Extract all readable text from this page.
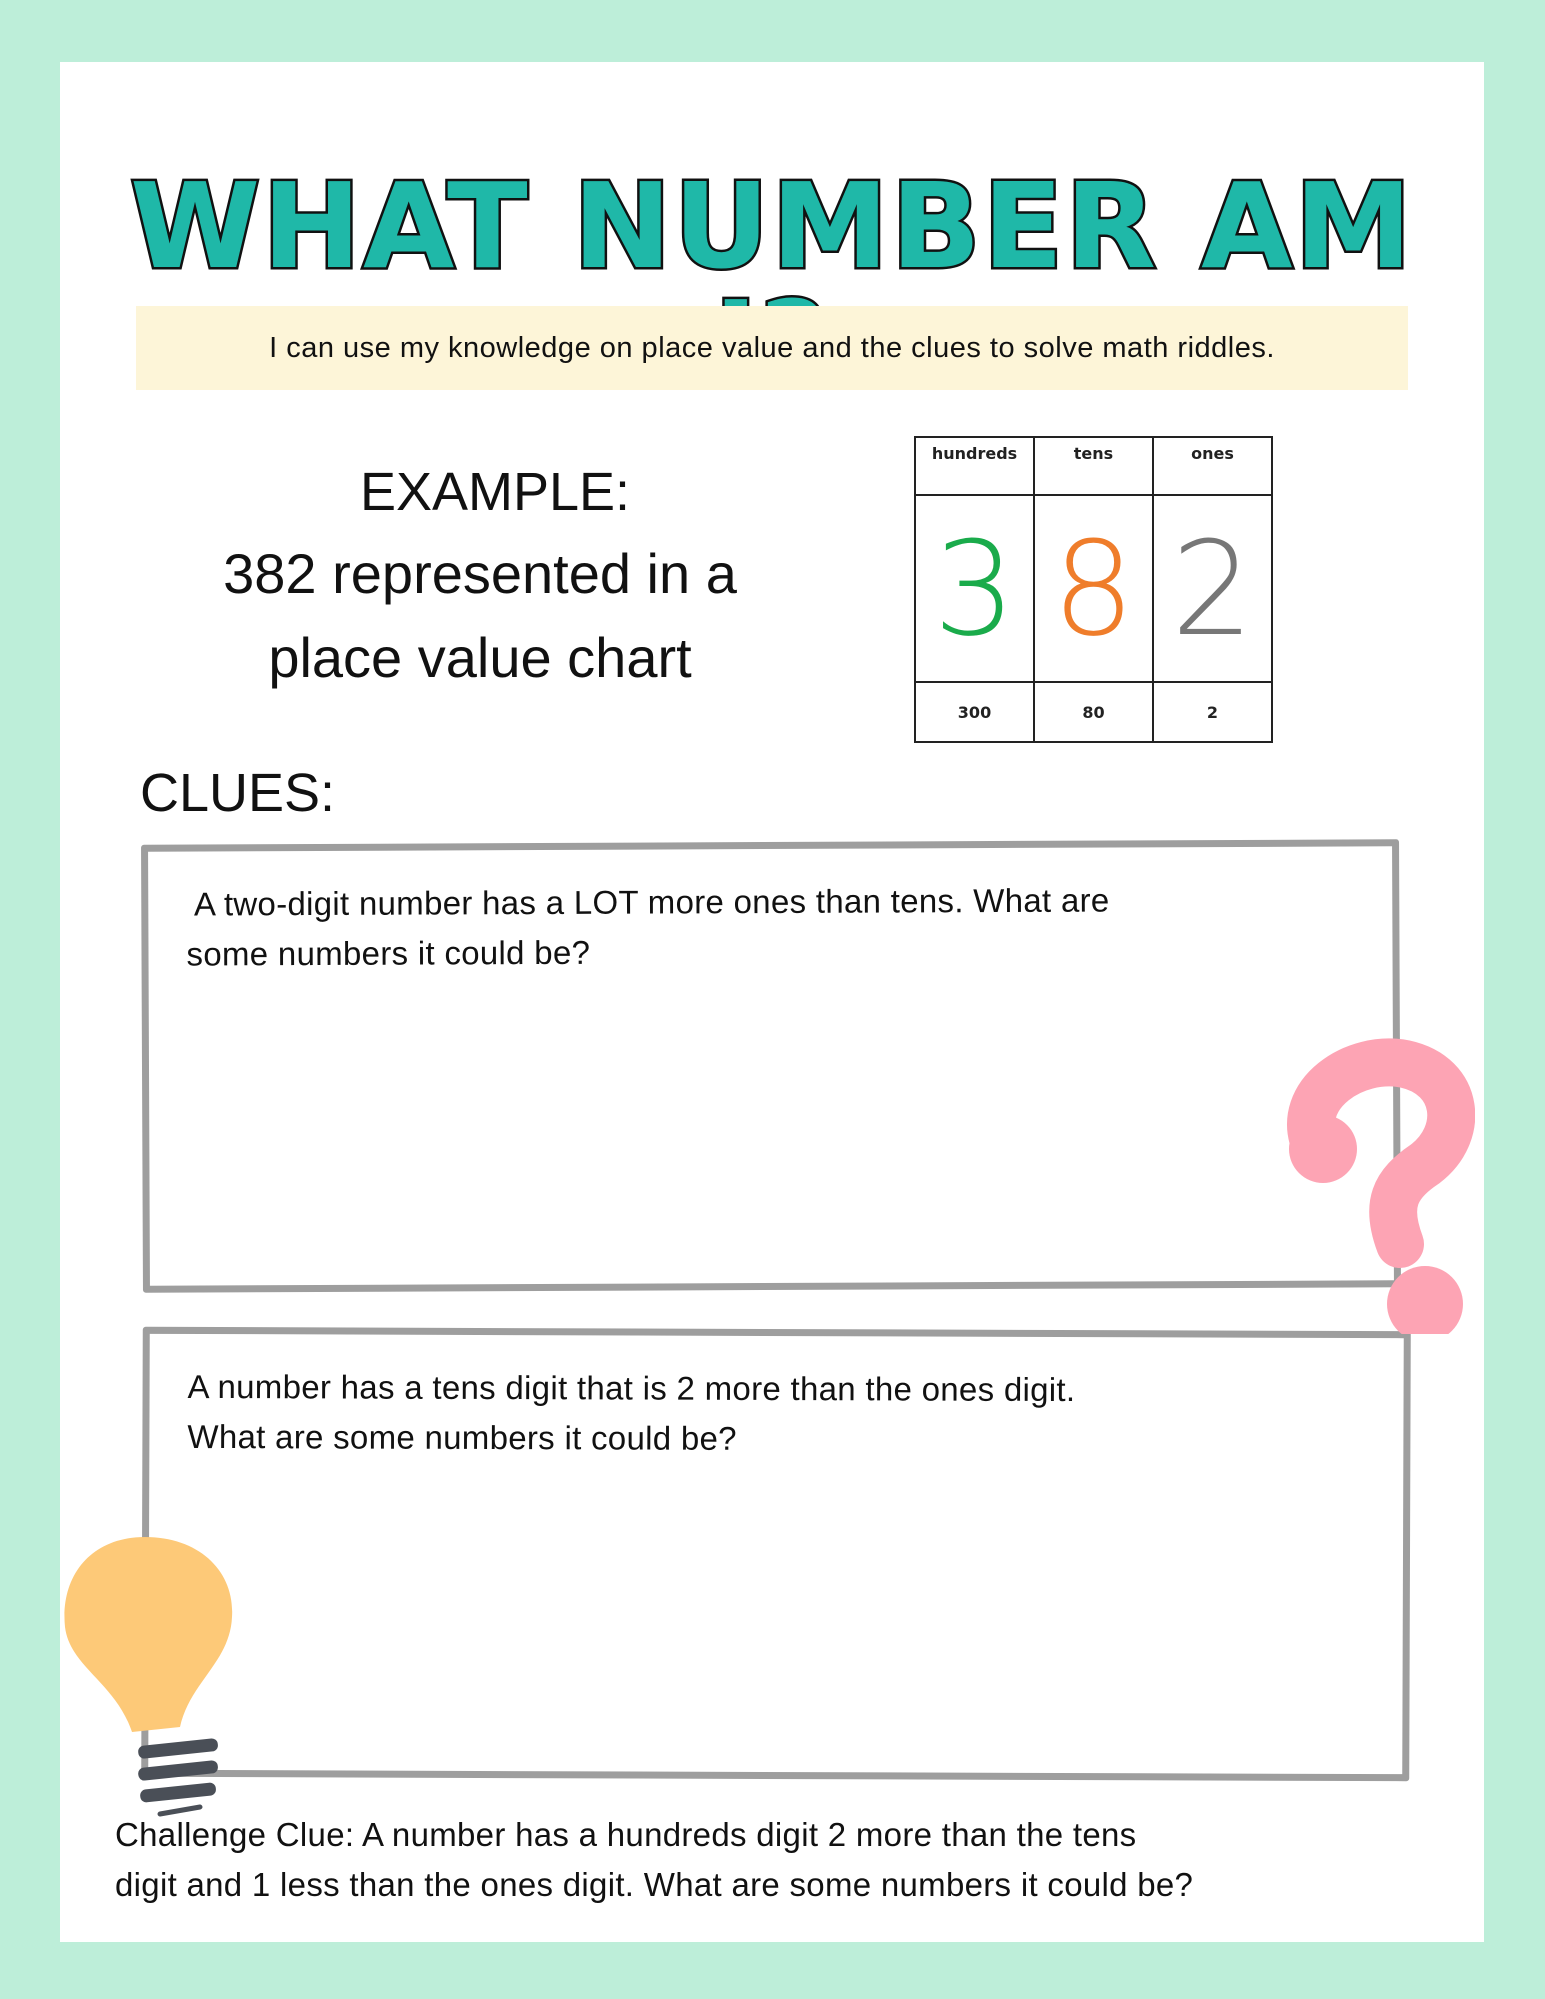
WHAT NUMBER AM
I can use my knowledge on place value and the clues to solve math riddles.
EXAMPLE:
382 represented in a
place value chart
hundreds	tens	ones
3	8	2
300	80	2
CLUES:
A two-digit number has a LOT more ones than tens. What are
some numbers it could be?
A number has a tens digit that is 2 more than the ones digit.
What are some numbers it could be?
Challenge Clue: A number has a hundreds digit 2 more than the tens
digit and 1 less than the ones digit. What are some numbers it could be?
